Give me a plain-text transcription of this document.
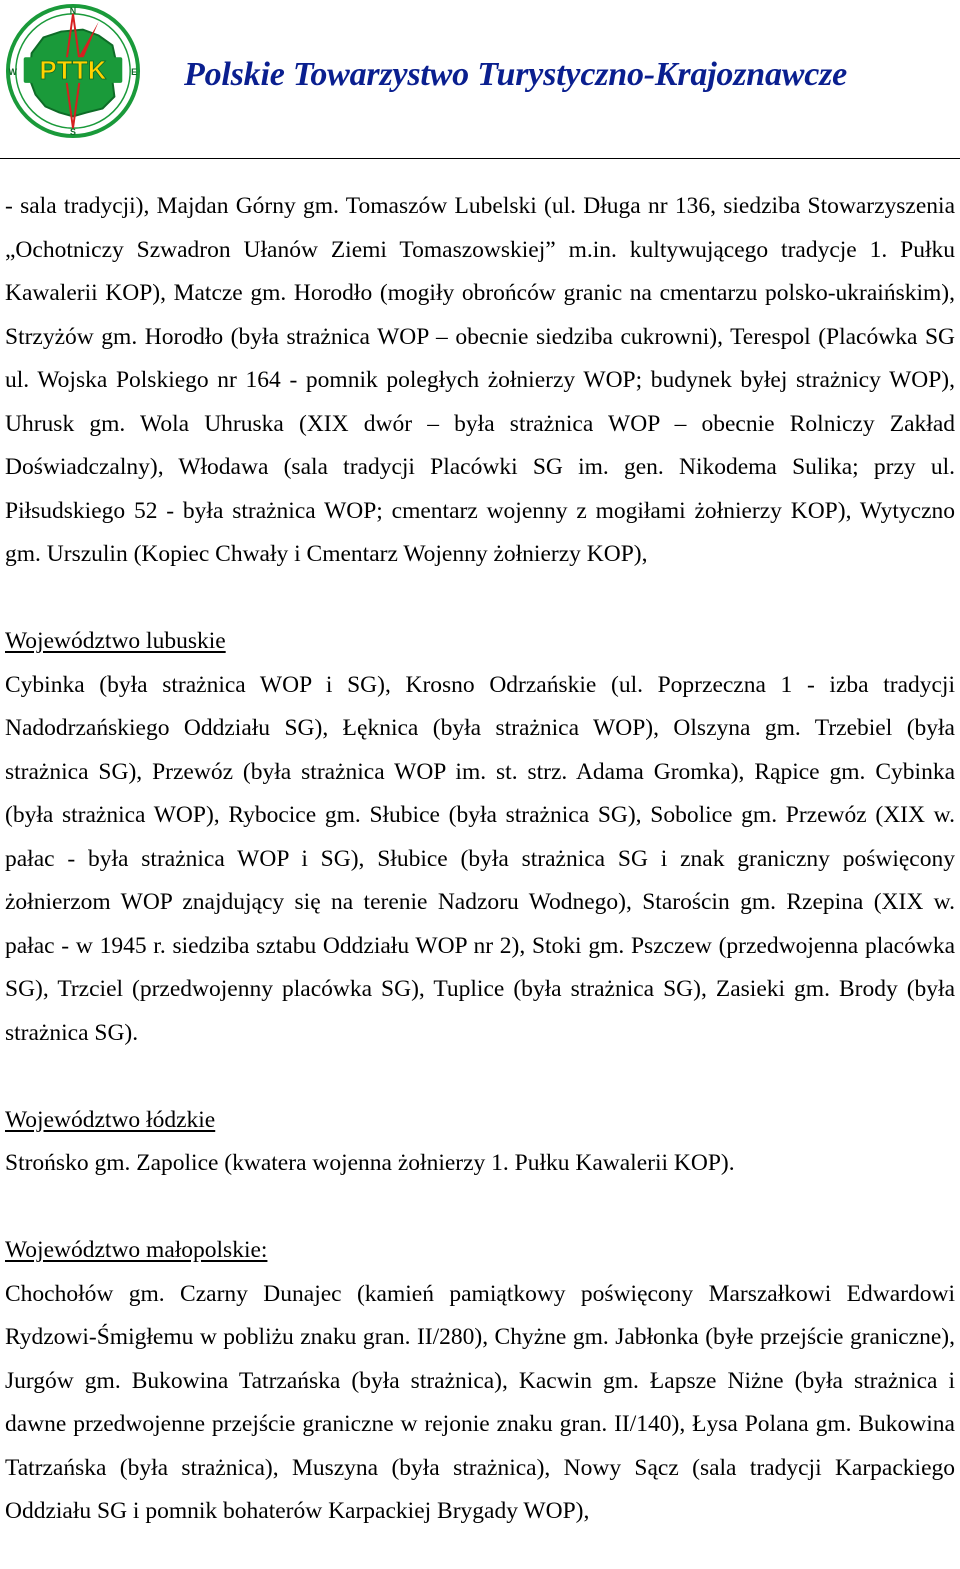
PTTK
N
S
W	E Polskie Towarzystwo Turystyczno-Krajoznawcze

- sala tradycji), Majdan Górny gm. Tomaszów Lubelski (ul. Długa nr 136, siedziba Stowarzyszenia „Ochotniczy Szwadron Ułanów Ziemi Tomaszowskiej” m.in. kultywującego tradycje 1. Pułku Kawalerii KOP), Matcze gm. Horodło (mogiły obrońców granic na cmentarzu polsko-ukraińskim), Strzyżów gm. Horodło (była strażnica WOP – obecnie siedziba cukrowni), Terespol (Placówka SG ul. Wojska Polskiego nr 164 - pomnik poległych żołnierzy WOP; budynek byłej strażnicy WOP), Uhrusk gm. Wola Uhruska (XIX dwór – była strażnica WOP – obecnie Rolniczy Zakład Doświadczalny), Włodawa (sala tradycji Placówki SG im. gen. Nikodema Sulika; przy ul. Piłsudskiego 52 - była strażnica WOP; cmentarz wojenny z mogiłami żołnierzy KOP), Wytyczno gm. Urszulin (Kopiec Chwały i Cmentarz Wojenny żołnierzy KOP),

Województwo lubuskie

Cybinka (była strażnica WOP i SG), Krosno Odrzańskie (ul. Poprzeczna 1 - izba tradycji Nadodrzańskiego Oddziału SG), Łęknica (była strażnica WOP), Olszyna gm. Trzebiel (była strażnica SG), Przewóz (była strażnica WOP im. st. strz. Adama Gromka), Rąpice gm. Cybinka (była strażnica WOP), Rybocice gm. Słubice (była strażnica SG), Sobolice gm. Przewóz (XIX w. pałac - była strażnica WOP i SG), Słubice (była strażnica SG i znak graniczny poświęcony żołnierzom WOP znajdujący się na terenie Nadzoru Wodnego), Starościn gm. Rzepina (XIX w. pałac - w 1945 r. siedziba sztabu Oddziału WOP nr 2), Stoki gm. Pszczew (przedwojenna placówka SG), Trzciel (przedwojenny placówka SG), Tuplice (była strażnica SG), Zasieki gm. Brody (była strażnica SG).

Województwo łódzkie

Strońsko gm. Zapolice (kwatera wojenna żołnierzy 1. Pułku Kawalerii KOP).

Województwo małopolskie:

Chochołów gm. Czarny Dunajec (kamień pamiątkowy poświęcony Marszałkowi Edwardowi Rydzowi-Śmigłemu w pobliżu znaku gran. II/280), Chyżne gm. Jabłonka (byłe przejście graniczne), Jurgów gm. Bukowina Tatrzańska (była strażnica), Kacwin gm. Łapsze Niżne (była strażnica i dawne przedwojenne przejście graniczne w rejonie znaku gran. II/140), Łysa Polana gm. Bukowina Tatrzańska (była strażnica), Muszyna (była strażnica), Nowy Sącz (sala tradycji Karpackiego Oddziału SG i pomnik bohaterów Karpackiej Brygady WOP),
